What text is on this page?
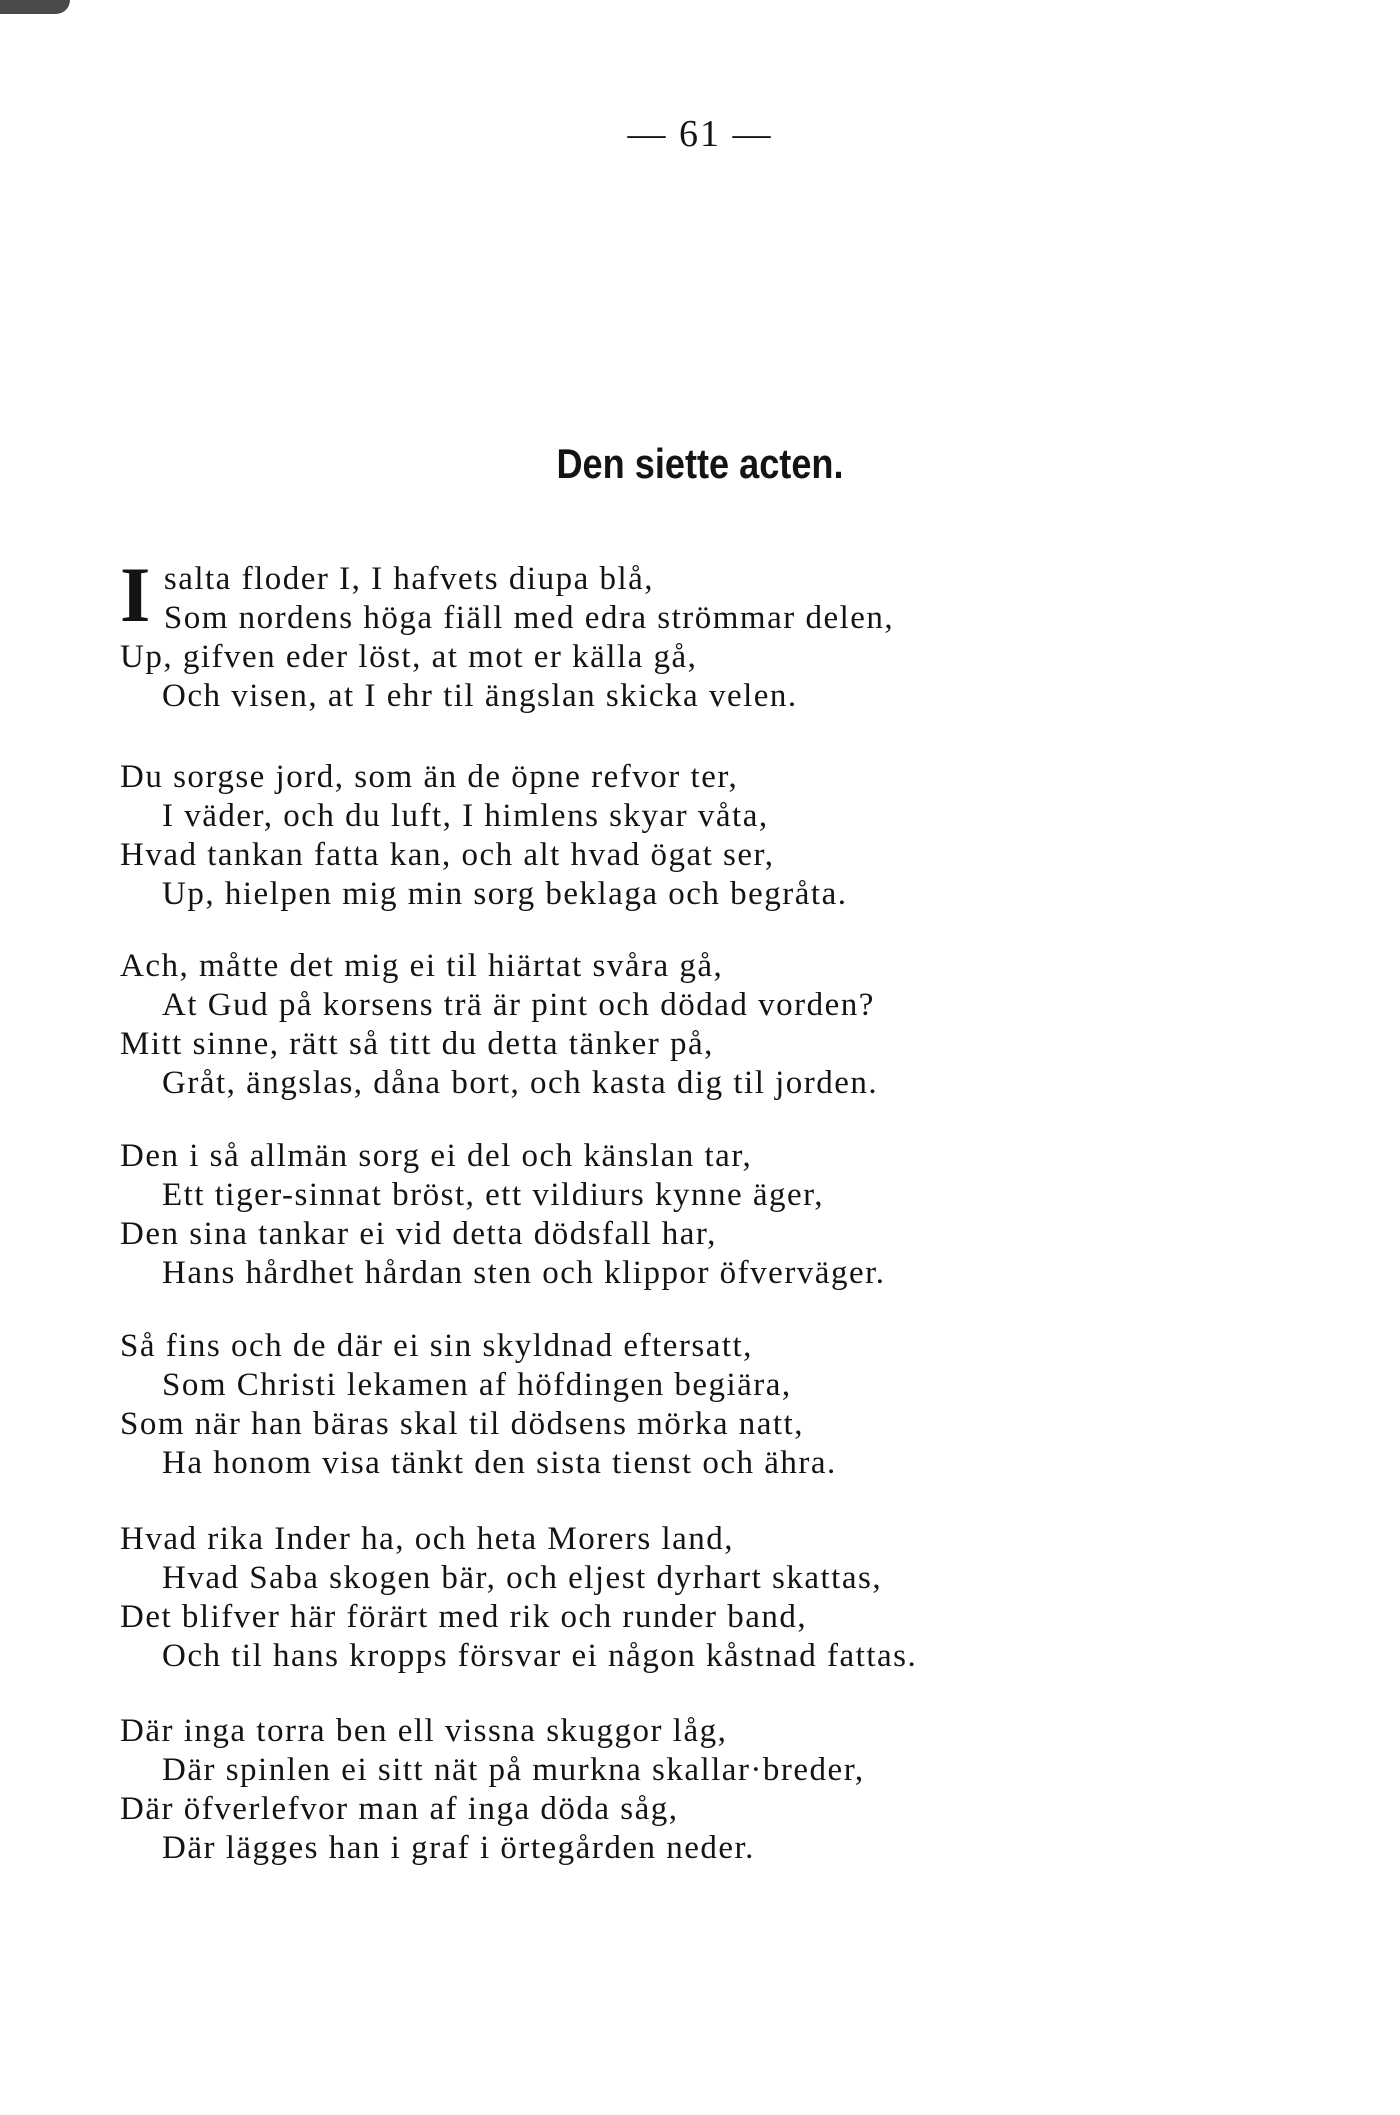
— 61 —
Den siette acten.
I salta floder I, I hafvets diupa blå,
Som nordens höga fiäll med edra strömmar delen,
Up, gifven eder löst, at mot er källa gå,
Och visen, at I ehr til ängslan skicka velen.
Du sorgse jord, som än de öpne refvor ter,
I väder, och du luft, I himlens skyar våta,
Hvad tankan fatta kan, och alt hvad ögat ser,
Up, hielpen mig min sorg beklaga och begråta.
Ach, måtte det mig ei til hiärtat svåra gå,
At Gud på korsens trä är pint och dödad vorden?
Mitt sinne, rätt så titt du detta tänker på,
Gråt, ängslas, dåna bort, och kasta dig til jorden.
Den i så allmän sorg ei del och känslan tar,
Ett tiger-sinnat bröst, ett vildiurs kynne äger,
Den sina tankar ei vid detta dödsfall har,
Hans hårdhet hårdan sten och klippor öfverväger.
Så fins och de där ei sin skyldnad eftersatt,
Som Christi lekamen af höfdingen begiära,
Som när han bäras skal til dödsens mörka natt,
Ha honom visa tänkt den sista tienst och ähra.
Hvad rika Inder ha, och heta Morers land,
Hvad Saba skogen bär, och eljest dyrhart skattas,
Det blifver här förärt med rik och runder band,
Och til hans kropps försvar ei någon kåstnad fattas.
Där inga torra ben ell vissna skuggor låg,
Där spinlen ei sitt nät på murkna skallar·breder,
Där öfverlefvor man af inga döda såg,
Där lägges han i graf i örtegården neder.
